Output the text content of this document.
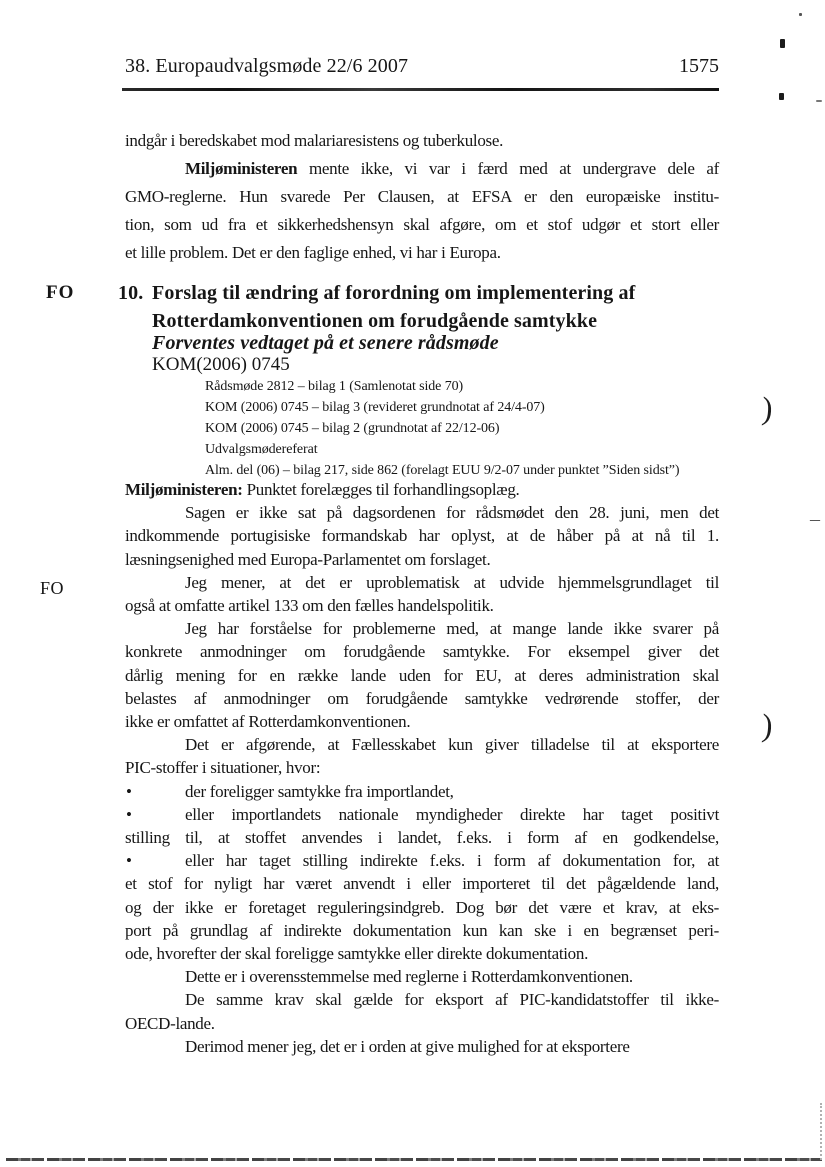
38. Europaudvalgsmøde 22/6 2007	1575
FO
FO
indgår i beredskabet mod malariaresistens og tuberkulose.
Miljøministeren mente ikke, vi var i færd med at undergrave dele af
GMO-reglerne. Hun svarede Per Clausen, at EFSA er den europæiske institu-
tion, som ud fra et sikkerhedshensyn skal afgøre, om et stof udgør et stort eller
et lille problem. Det er den faglige enhed, vi har i Europa.
10. Forslag til ændring af forordning om implementering af
Rotterdamkonventionen om forudgående samtykke
Forventes vedtaget på et senere rådsmøde
KOM(2006) 0745
Rådsmøde 2812 – bilag 1 (Samlenotat side 70)
KOM (2006) 0745 – bilag 3 (revideret grundnotat af 24/4-07)
KOM (2006) 0745 – bilag 2 (grundnotat af 22/12-06)
Udvalgsmødereferat
Alm. del (06) – bilag 217, side 862 (forelagt EUU 9/2-07 under punktet ”Siden sidst”)
Miljøministeren: Punktet forelægges til forhandlingsoplæg.
Sagen er ikke sat på dagsordenen for rådsmødet den 28. juni, men det
indkommende portugisiske formandskab har oplyst, at de håber på at nå til 1.
læsningsenighed med Europa-Parlamentet om forslaget.
Jeg mener, at det er uproblematisk at udvide hjemmelsgrundlaget til
også at omfatte artikel 133 om den fælles handelspolitik.
Jeg har forståelse for problemerne med, at mange lande ikke svarer på
konkrete anmodninger om forudgående samtykke. For eksempel giver det
dårlig mening for en række lande uden for EU, at deres administration skal
belastes af anmodninger om forudgående samtykke vedrørende stoffer, der
ikke er omfattet af Rotterdamkonventionen.
Det er afgørende, at Fællesskabet kun giver tilladelse til at eksportere
PIC-stoffer i situationer, hvor:
•	der foreligger samtykke fra importlandet,
•	eller importlandets nationale myndigheder direkte har taget positivt
stilling til, at stoffet anvendes i landet, f.eks. i form af en godkendelse,
•	eller har taget stilling indirekte f.eks. i form af dokumentation for, at
et stof for nyligt har været anvendt i eller importeret til det pågældende land,
og der ikke er foretaget reguleringsindgreb. Dog bør det være et krav, at eks-
port på grundlag af indirekte dokumentation kun kan ske i en begrænset peri-
ode, hvorefter der skal foreligge samtykke eller direkte dokumentation.
Dette er i overensstemmelse med reglerne i Rotterdamkonventionen.
De samme krav skal gælde for eksport af PIC-kandidatstoffer til ikke-
OECD-lande.
Derimod mener jeg, det er i orden at give mulighed for at eksportere
)
)
–
